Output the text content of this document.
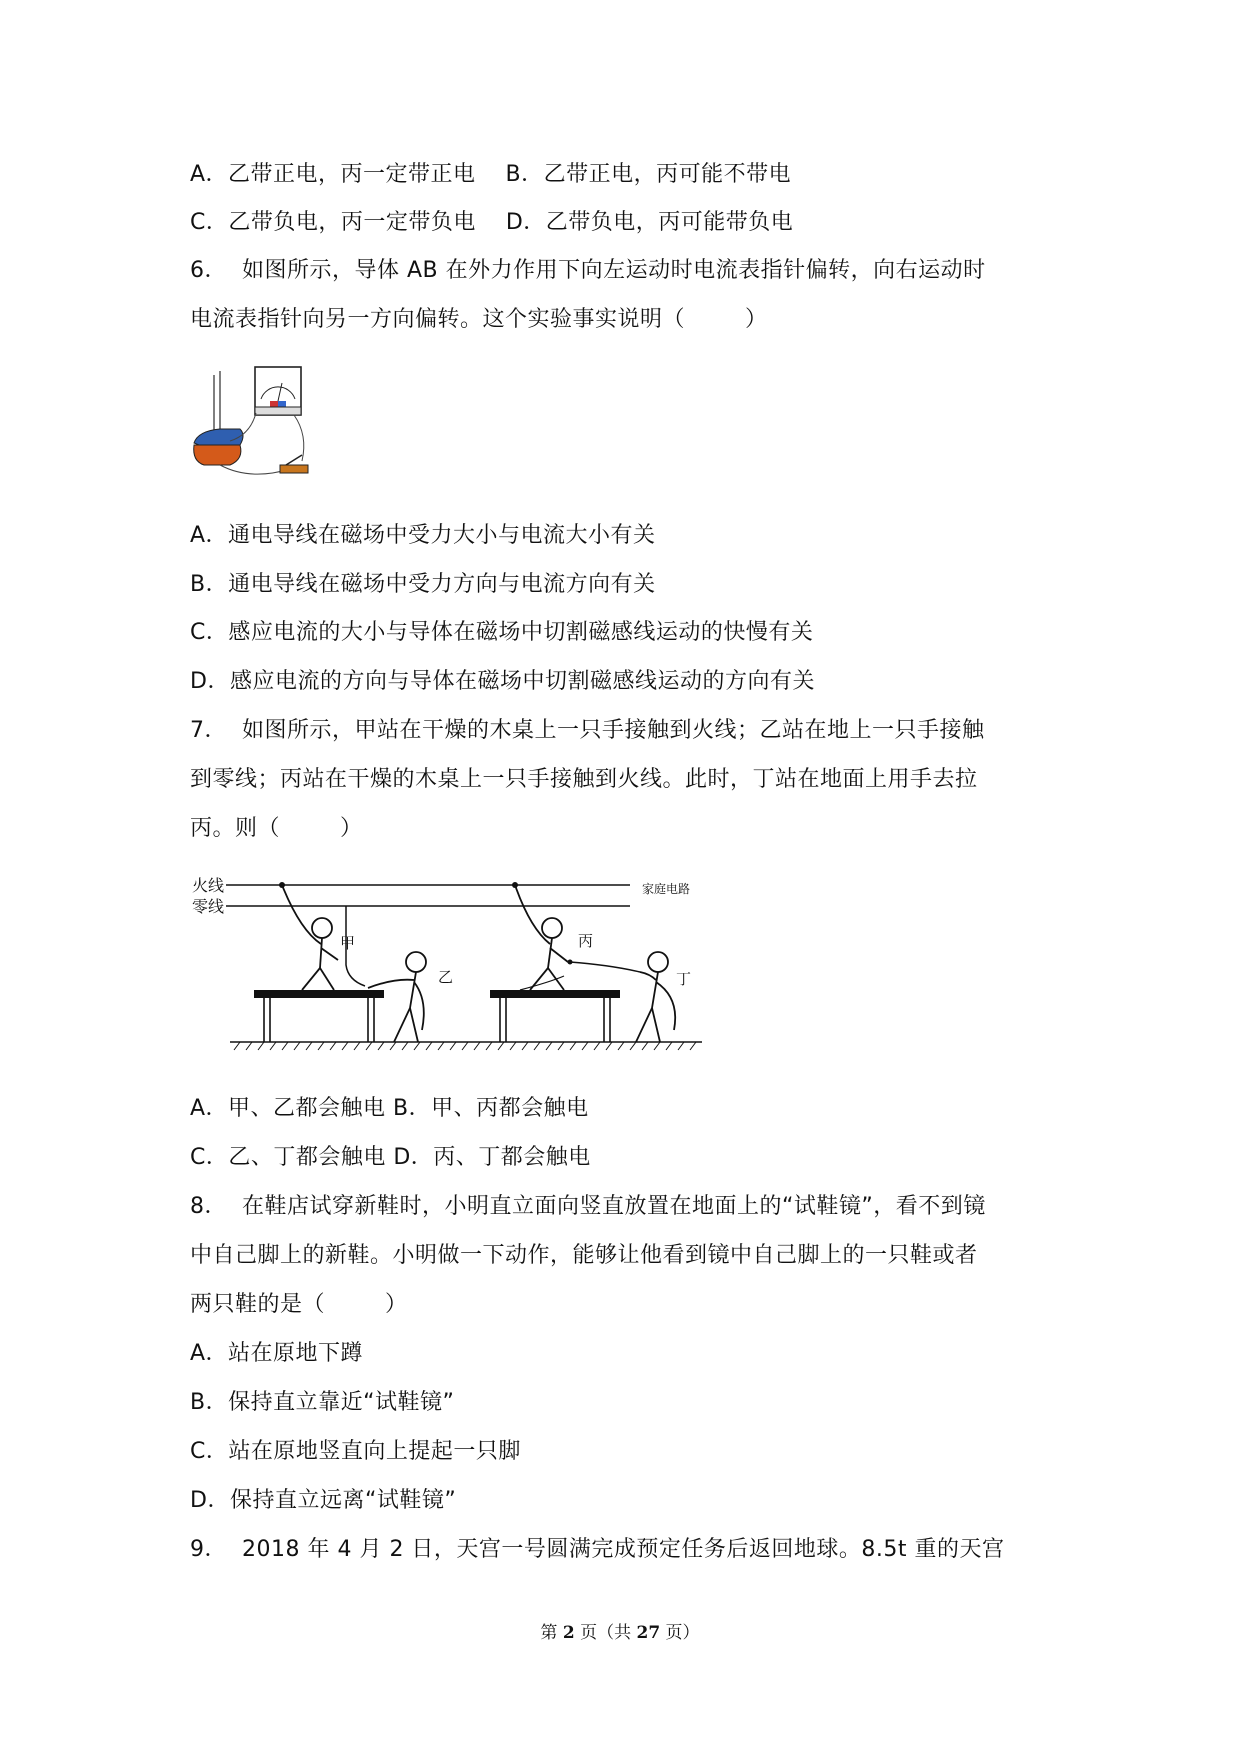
A．乙带正电，丙一定带正电    B．乙带正电，丙可能不带电
C．乙带负电，丙一定带负电    D．乙带负电，丙可能带负电
6．  如图所示，导体 AB 在外力作用下向左运动时电流表指针偏转，向右运动时
电流表指针向另一方向偏转。这个实验事实说明（        ）
A．通电导线在磁场中受力大小与电流大小有关
B．通电导线在磁场中受力方向与电流方向有关
C．感应电流的大小与导体在磁场中切割磁感线运动的快慢有关
D．感应电流的方向与导体在磁场中切割磁感线运动的方向有关
7．  如图所示，甲站在干燥的木桌上一只手接触到火线；乙站在地上一只手接触
到零线；丙站在干燥的木桌上一只手接触到火线。此时，丁站在地面上用手去拉
丙。则（        ）
火线
零线
家庭电路
甲
乙
丙
丁
A．甲、乙都会触电 B．甲、丙都会触电
C．乙、丁都会触电 D．丙、丁都会触电
8．  在鞋店试穿新鞋时，小明直立面向竖直放置在地面上的“试鞋镜”，看不到镜
中自己脚上的新鞋。小明做一下动作，能够让他看到镜中自己脚上的一只鞋或者
两只鞋的是（        ）
A．站在原地下蹲
B．保持直立靠近“试鞋镜”
C．站在原地竖直向上提起一只脚
D．保持直立远离“试鞋镜”
9．  2018 年 4 月 2 日，天宫一号圆满完成预定任务后返回地球。8.5t 重的天宫
第 2 页（共 27 页）
